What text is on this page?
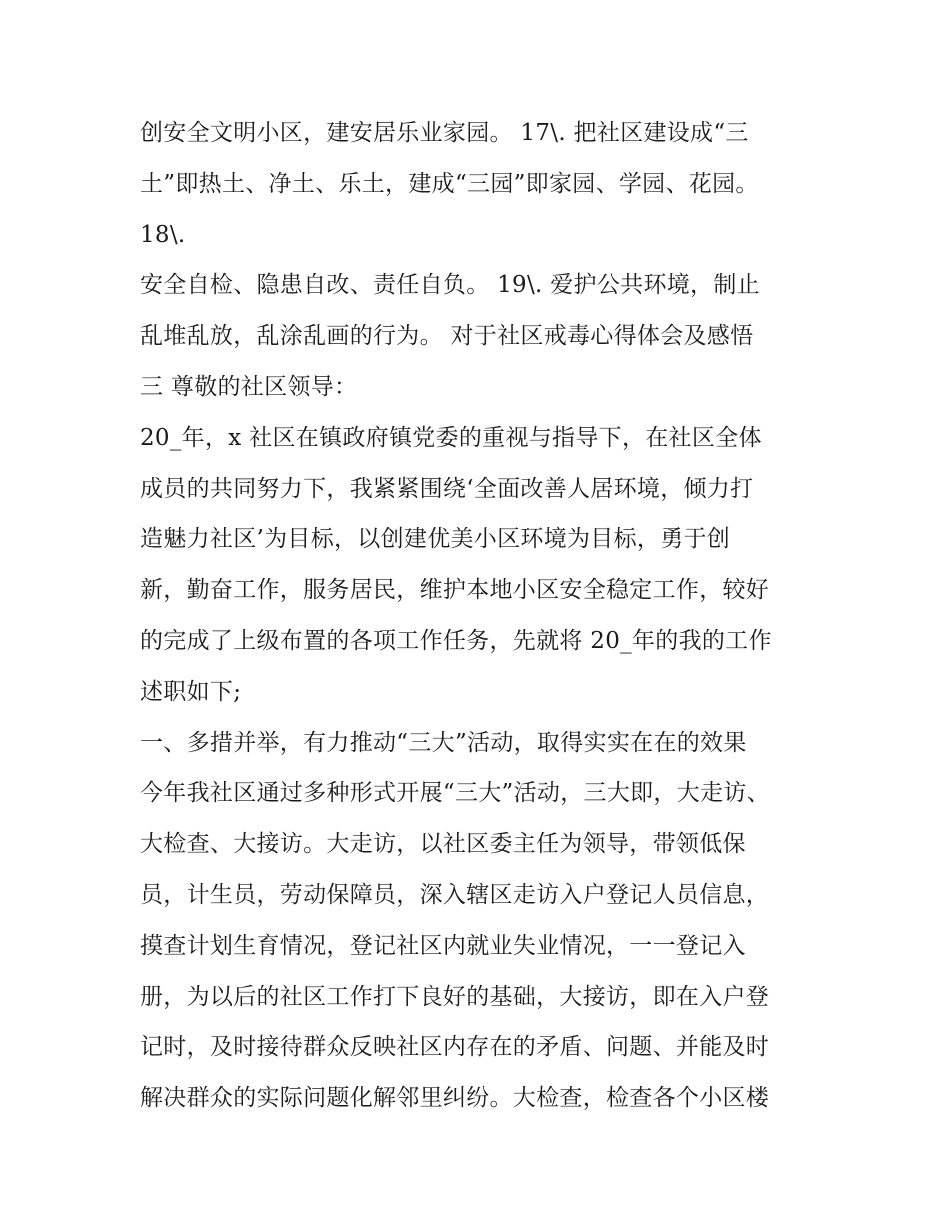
创安全文明小区，建安居乐业家园。 17\. 把社区建设成“三
土”即热土、净土、乐土，建成“三园”即家园、学园、花园。
18\.
安全自检、隐患自改、责任自负。 19\. 爱护公共环境，制止
乱堆乱放，乱涂乱画的行为。 对于社区戒毒心得体会及感悟
三 尊敬的社区领导：
20_年，x 社区在镇政府镇党委的重视与指导下，在社区全体
成员的共同努力下，我紧紧围绕‘全面改善人居环境，倾力打
造魅力社区’为目标，以创建优美小区环境为目标，勇于创
新，勤奋工作，服务居民，维护本地小区安全稳定工作，较好
的完成了上级布置的各项工作任务，先就将 20_年的我的工作
述职如下;
一、多措并举，有力推动“三大”活动，取得实实在在的效果
今年我社区通过多种形式开展“三大”活动，三大即，大走访、
大检查、大接访。大走访，以社区委主任为领导，带领低保
员，计生员，劳动保障员，深入辖区走访入户登记人员信息，
摸查计划生育情况，登记社区内就业失业情况，一一登记入
册，为以后的社区工作打下良好的基础，大接访，即在入户登
记时，及时接待群众反映社区内存在的矛盾、问题、并能及时
解决群众的实际问题化解邻里纠纷。大检查，检查各个小区楼
